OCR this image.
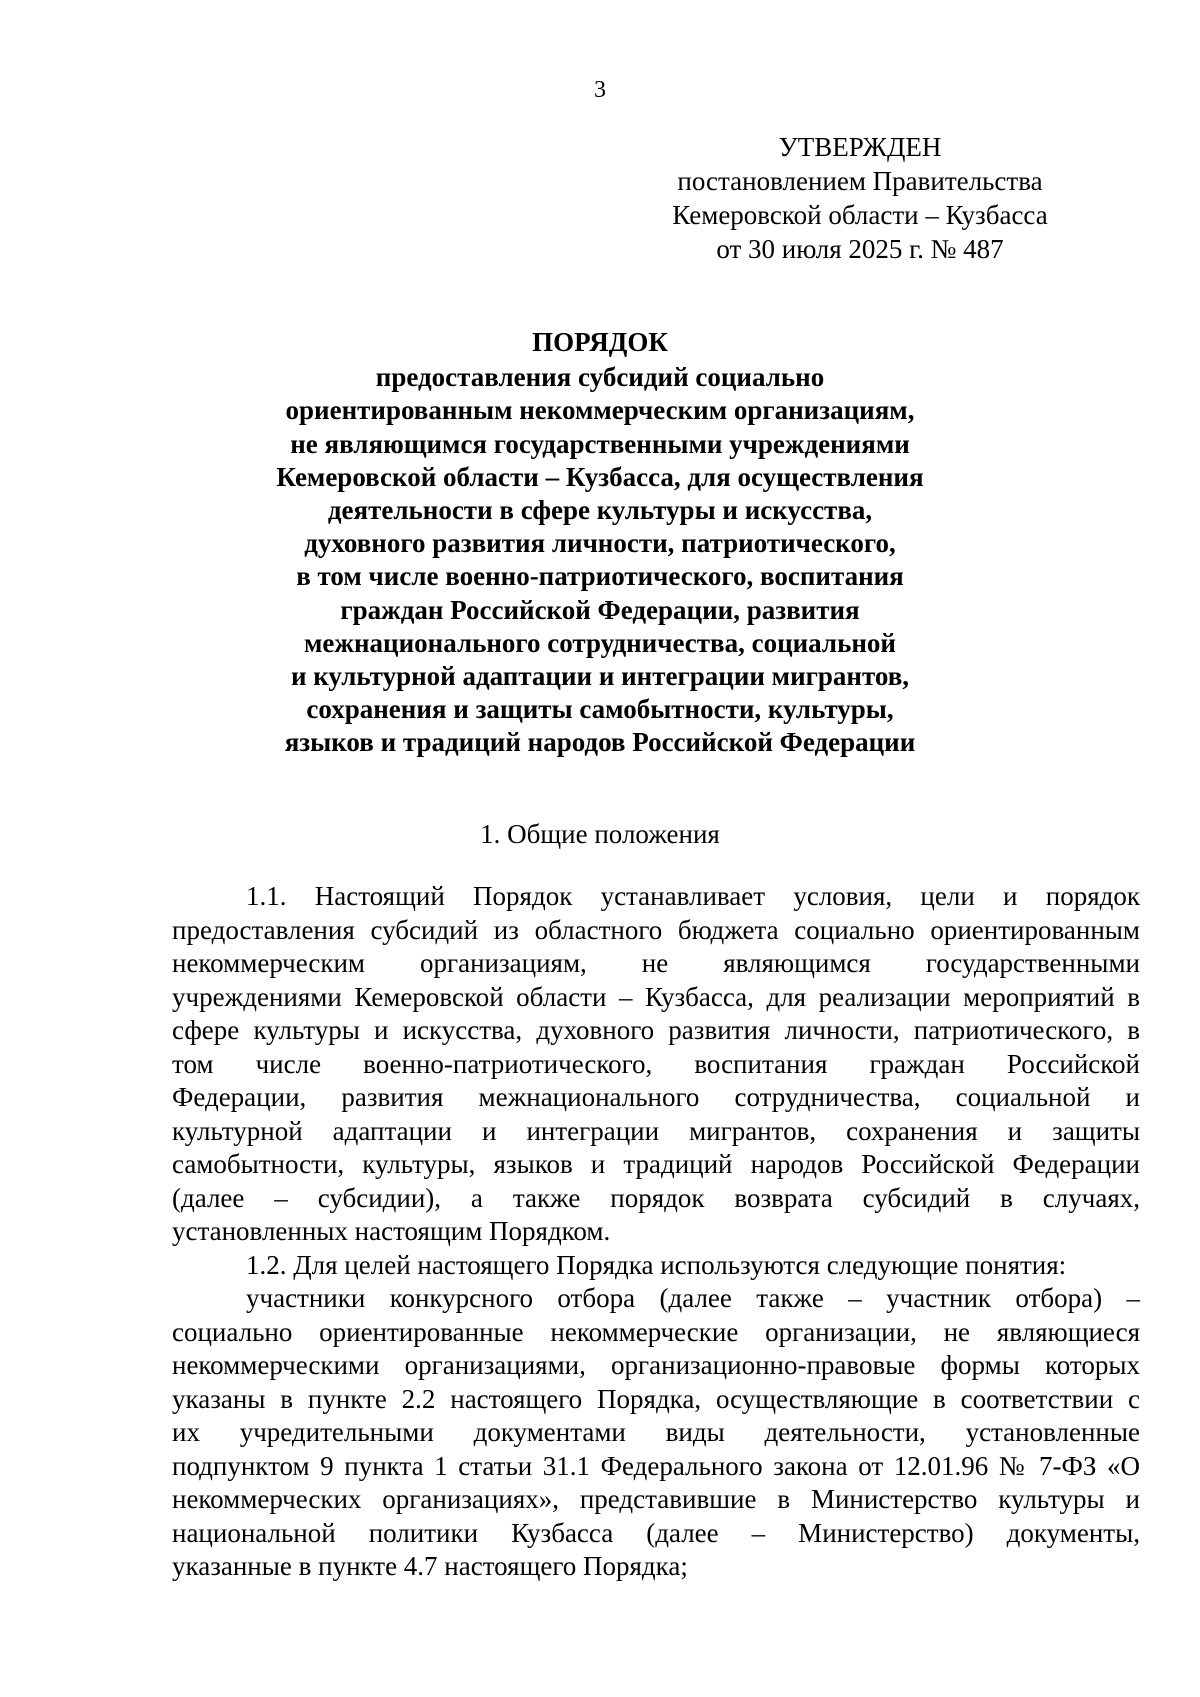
3
УТВЕРЖДЕН
постановлением Правительства
Кемеровской области – Кузбасса
от 30 июля 2025 г. № 487
ПОРЯДОК
предоставления субсидий социально
ориентированным некоммерческим организациям,
не являющимся государственными учреждениями
Кемеровской области – Кузбасса, для осуществления
деятельности в сфере культуры и искусства,
духовного развития личности, патриотического,
в том числе военно-патриотического, воспитания
граждан Российской Федерации, развития
межнационального сотрудничества, социальной
и культурной адаптации и интеграции мигрантов,
сохранения и защиты самобытности, культуры,
языков и традиций народов Российской Федерации
1. Общие положения
1.1. Настоящий Порядок устанавливает условия, цели и порядок
предоставления субсидий из областного бюджета социально ориентированным
некоммерческим организациям, не являющимся государственными
учреждениями Кемеровской области – Кузбасса, для реализации мероприятий в
сфере культуры и искусства, духовного развития личности, патриотического, в
том числе военно-патриотического, воспитания граждан Российской
Федерации, развития межнационального сотрудничества, социальной и
культурной адаптации и интеграции мигрантов, сохранения и защиты
самобытности, культуры, языков и традиций народов Российской Федерации
(далее – субсидии), а также порядок возврата субсидий в случаях,
установленных настоящим Порядком.
1.2. Для целей настоящего Порядка используются следующие понятия:
участники конкурсного отбора (далее также – участник отбора) –
социально ориентированные некоммерческие организации, не являющиеся
некоммерческими организациями, организационно-правовые формы которых
указаны в пункте 2.2 настоящего Порядка, осуществляющие в соответствии с
их учредительными документами виды деятельности, установленные
подпунктом 9 пункта 1 статьи 31.1 Федерального закона от 12.01.96 № 7-ФЗ «О
некоммерческих организациях», представившие в Министерство культуры и
национальной политики Кузбасса (далее – Министерство) документы,
указанные в пункте 4.7 настоящего Порядка;
